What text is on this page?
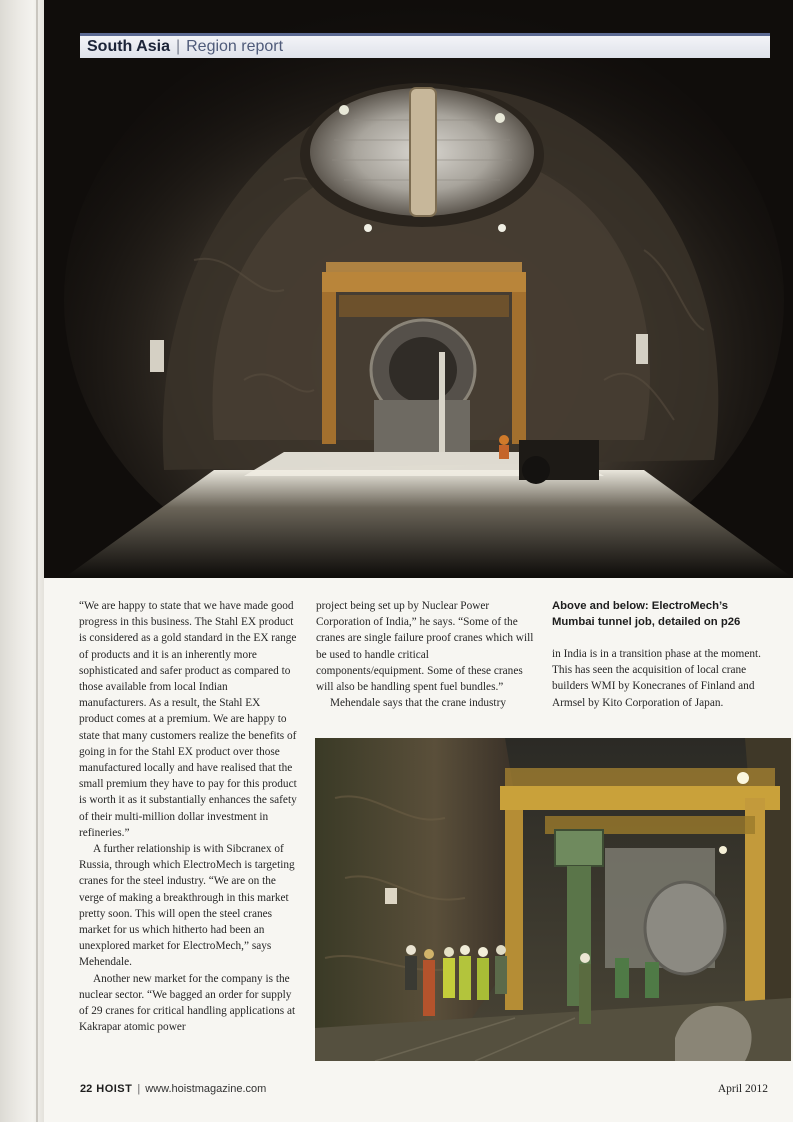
South Asia | Region report

“We are happy to state that we have made good progress in this business. The Stahl EX product is considered as a gold standard in the EX range of products and it is an inherently more sophisticated and safer product as compared to those available from local Indian manufacturers. As a result, the Stahl EX product comes at a premium. We are happy to state that many customers realize the benefits of going in for the Stahl EX product over those manufactured locally and have realised that the small premium they have to pay for this product is worth it as it substantially enhances the safety of their multi-million dollar investment in refineries.”

A further relationship is with Sibcranex of Russia, through which ElectroMech is targeting cranes for the steel industry. “We are on the verge of making a breakthrough in this market pretty soon. This will open the steel cranes market for us which hitherto had been an unexplored market for ElectroMech,” says Mehendale.

Another new market for the company is the nuclear sector. “We bagged an order for supply of 29 cranes for critical handling applications at Kakrapar atomic power

project being set up by Nuclear Power Corporation of India,” he says. “Some of the cranes are single failure proof cranes which will be used to handle critical components/equipment. Some of these cranes will also be handling spent fuel bundles.”

Mehendale says that the crane industry

Above and below: ElectroMech’s Mumbai tunnel job, detailed on p26

in India is in a transition phase at the moment. This has seen the acquisition of local crane builders WMI by Konecranes of Finland and Armsel by Kito Corporation of Japan.

22 HOIST | www.hoistmagazine.com	April 2012
